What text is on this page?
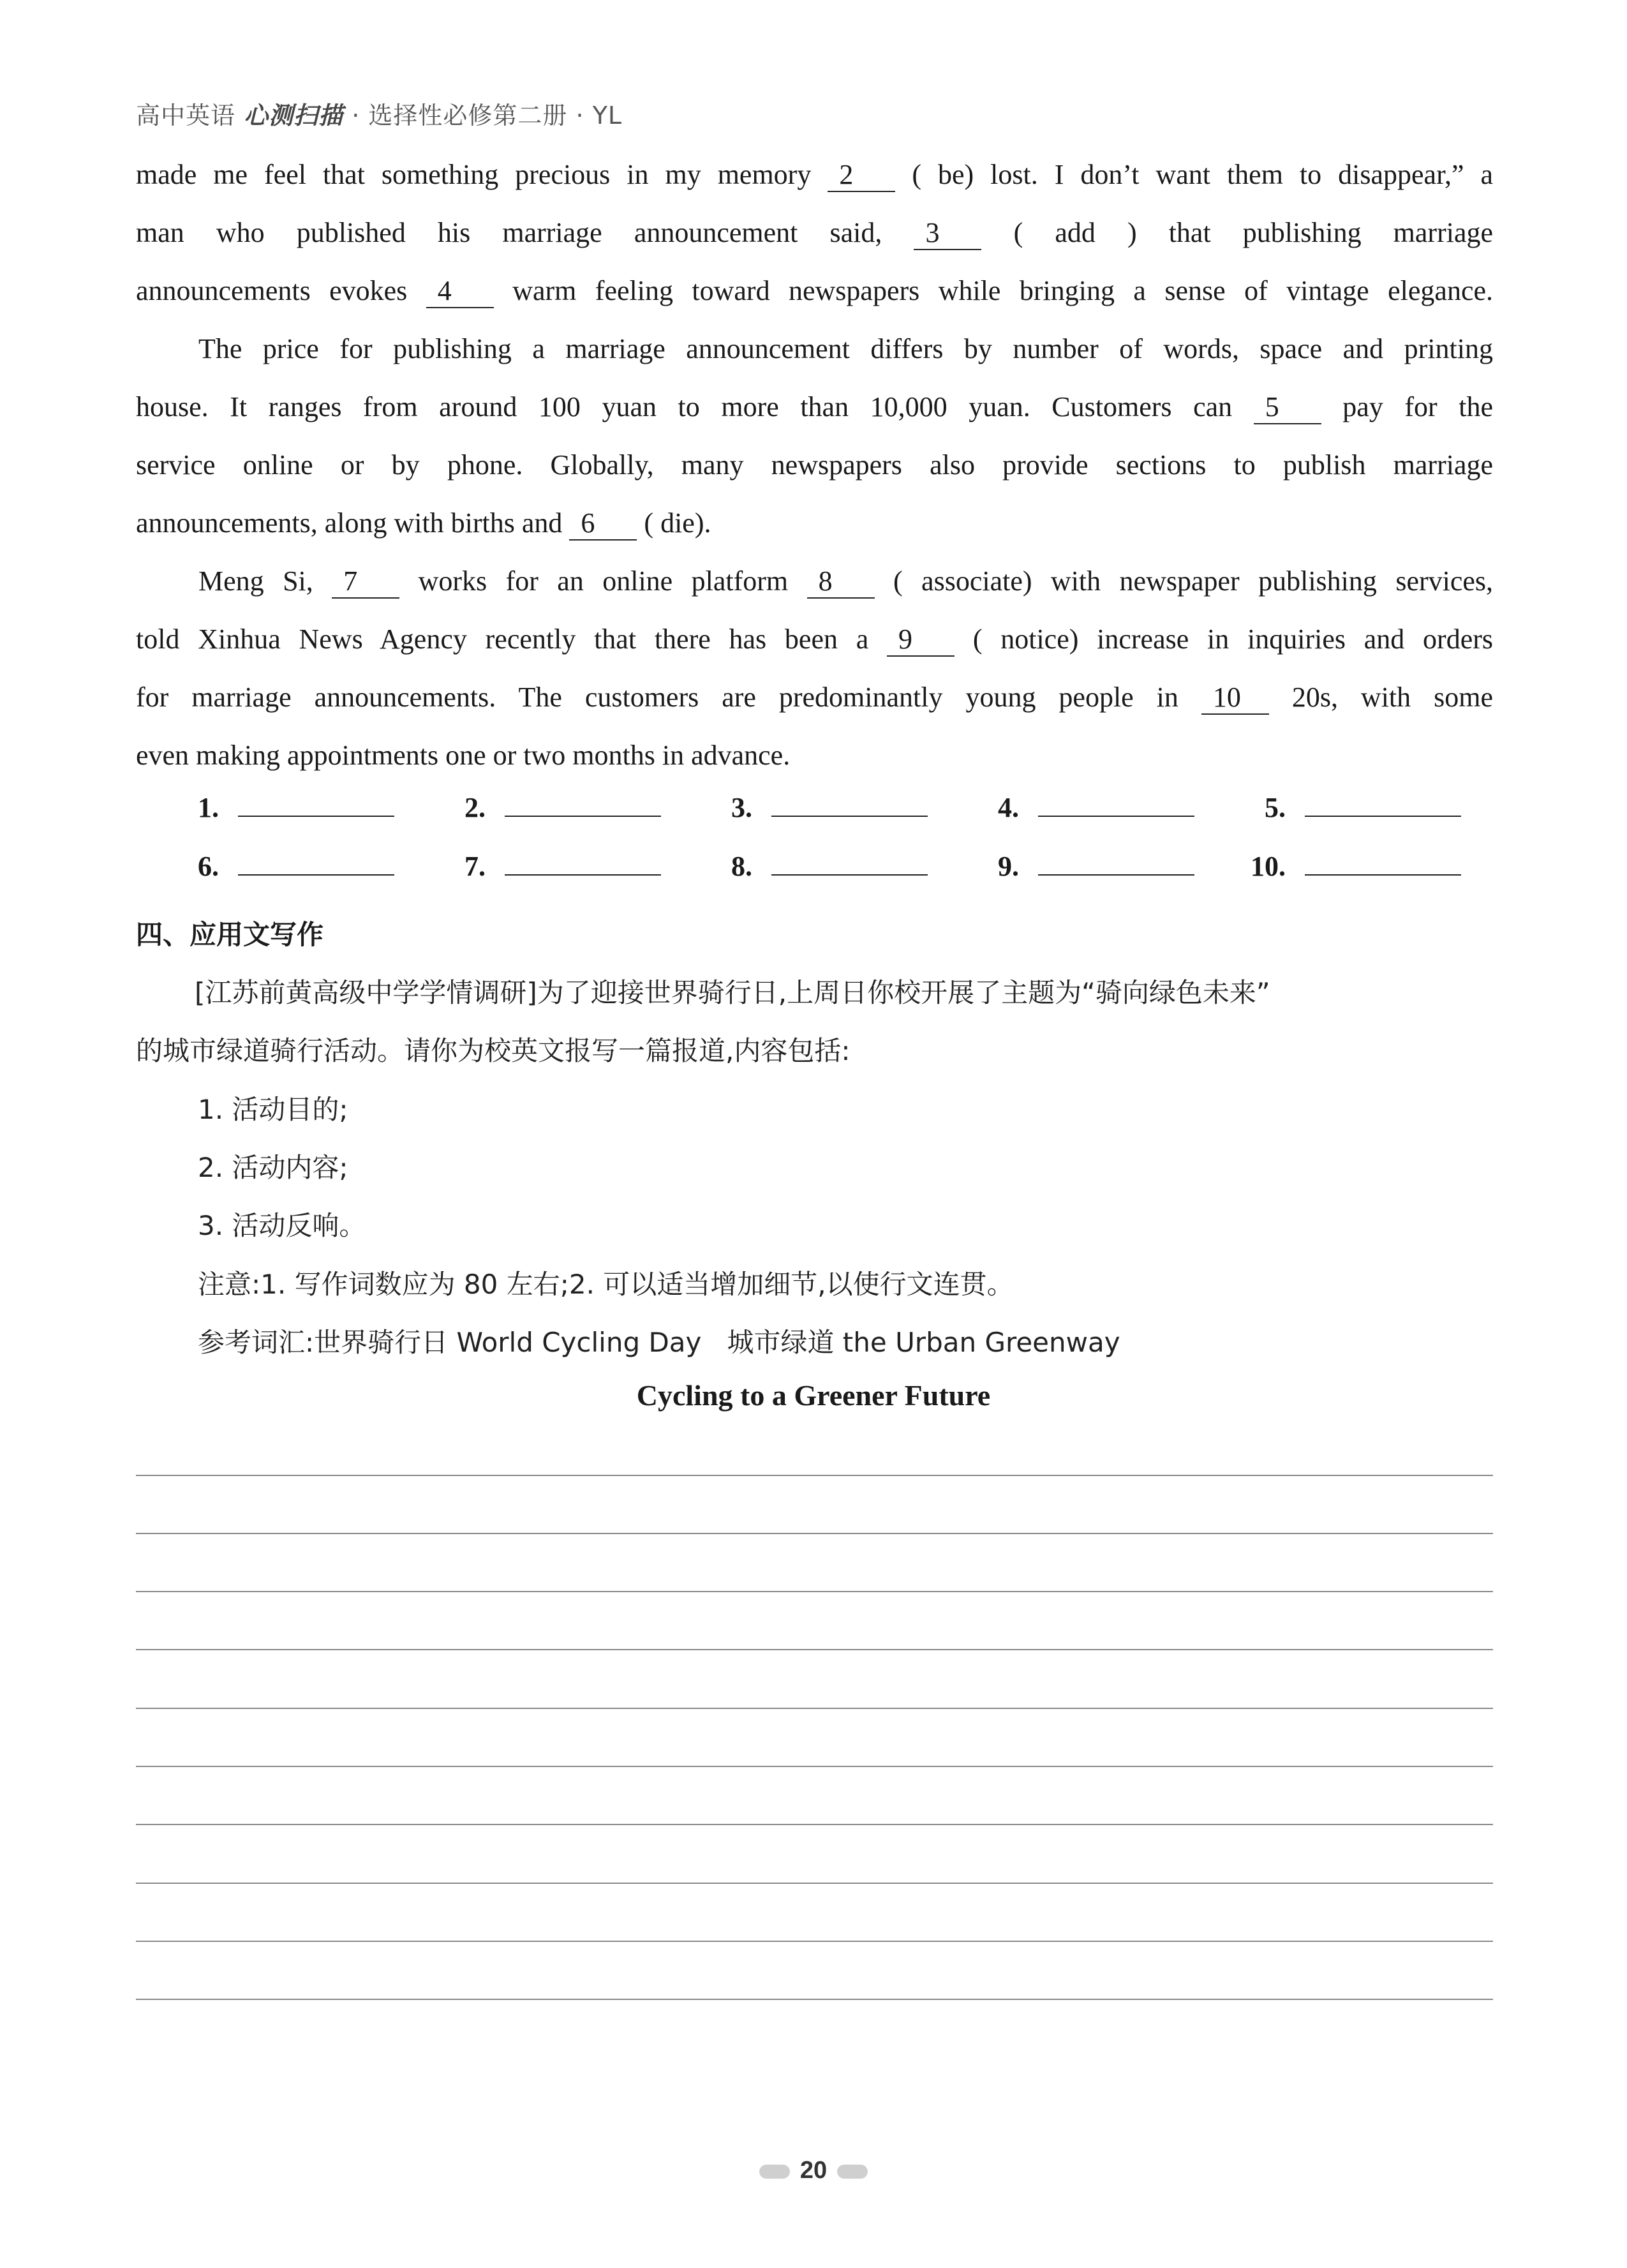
高中英语 心测扫描 · 选择性必修第二册 · YL
made me feel that something precious in my memory 2 ( be) lost. I don’t want them to disappear,” a
man who published his marriage announcement said, 3	( add ) that publishing marriage
announcements evokes 4 warm feeling toward newspapers while bringing a sense of vintage elegance.
The price for publishing a marriage announcement differs by number of words, space and printing
house. It ranges from around 100 yuan to more than 10,000 yuan. Customers can 5 pay for the
service online or by phone. Globally, many newspapers also provide sections to publish marriage
announcements, along with births and 6 ( die).
Meng Si, 7 works for an online platform 8 ( associate) with newspaper publishing services,
told Xinhua News Agency recently that there has been a 9 ( notice) increase in inquiries and orders
for marriage announcements. The customers are predominantly young people in 10 20s, with some
even making appointments one or two months in advance.
1.	2.	3.	4.	5.
6.	7.	8.	9.	10.
四、应用文写作
[江苏前黄高级中学学情调研]为了迎接世界骑行日,上周日你校开展了主题为“骑向绿色未来”
的城市绿道骑行活动。请你为校英文报写一篇报道,内容包括:
1. 活动目的;
2. 活动内容;
3. 活动反响。
注意:1. 写作词数应为 80 左右;2. 可以适当增加细节,以使行文连贯。
参考词汇:世界骑行日 World Cycling Day   城市绿道 the Urban Greenway
Cycling to a Greener Future
20
